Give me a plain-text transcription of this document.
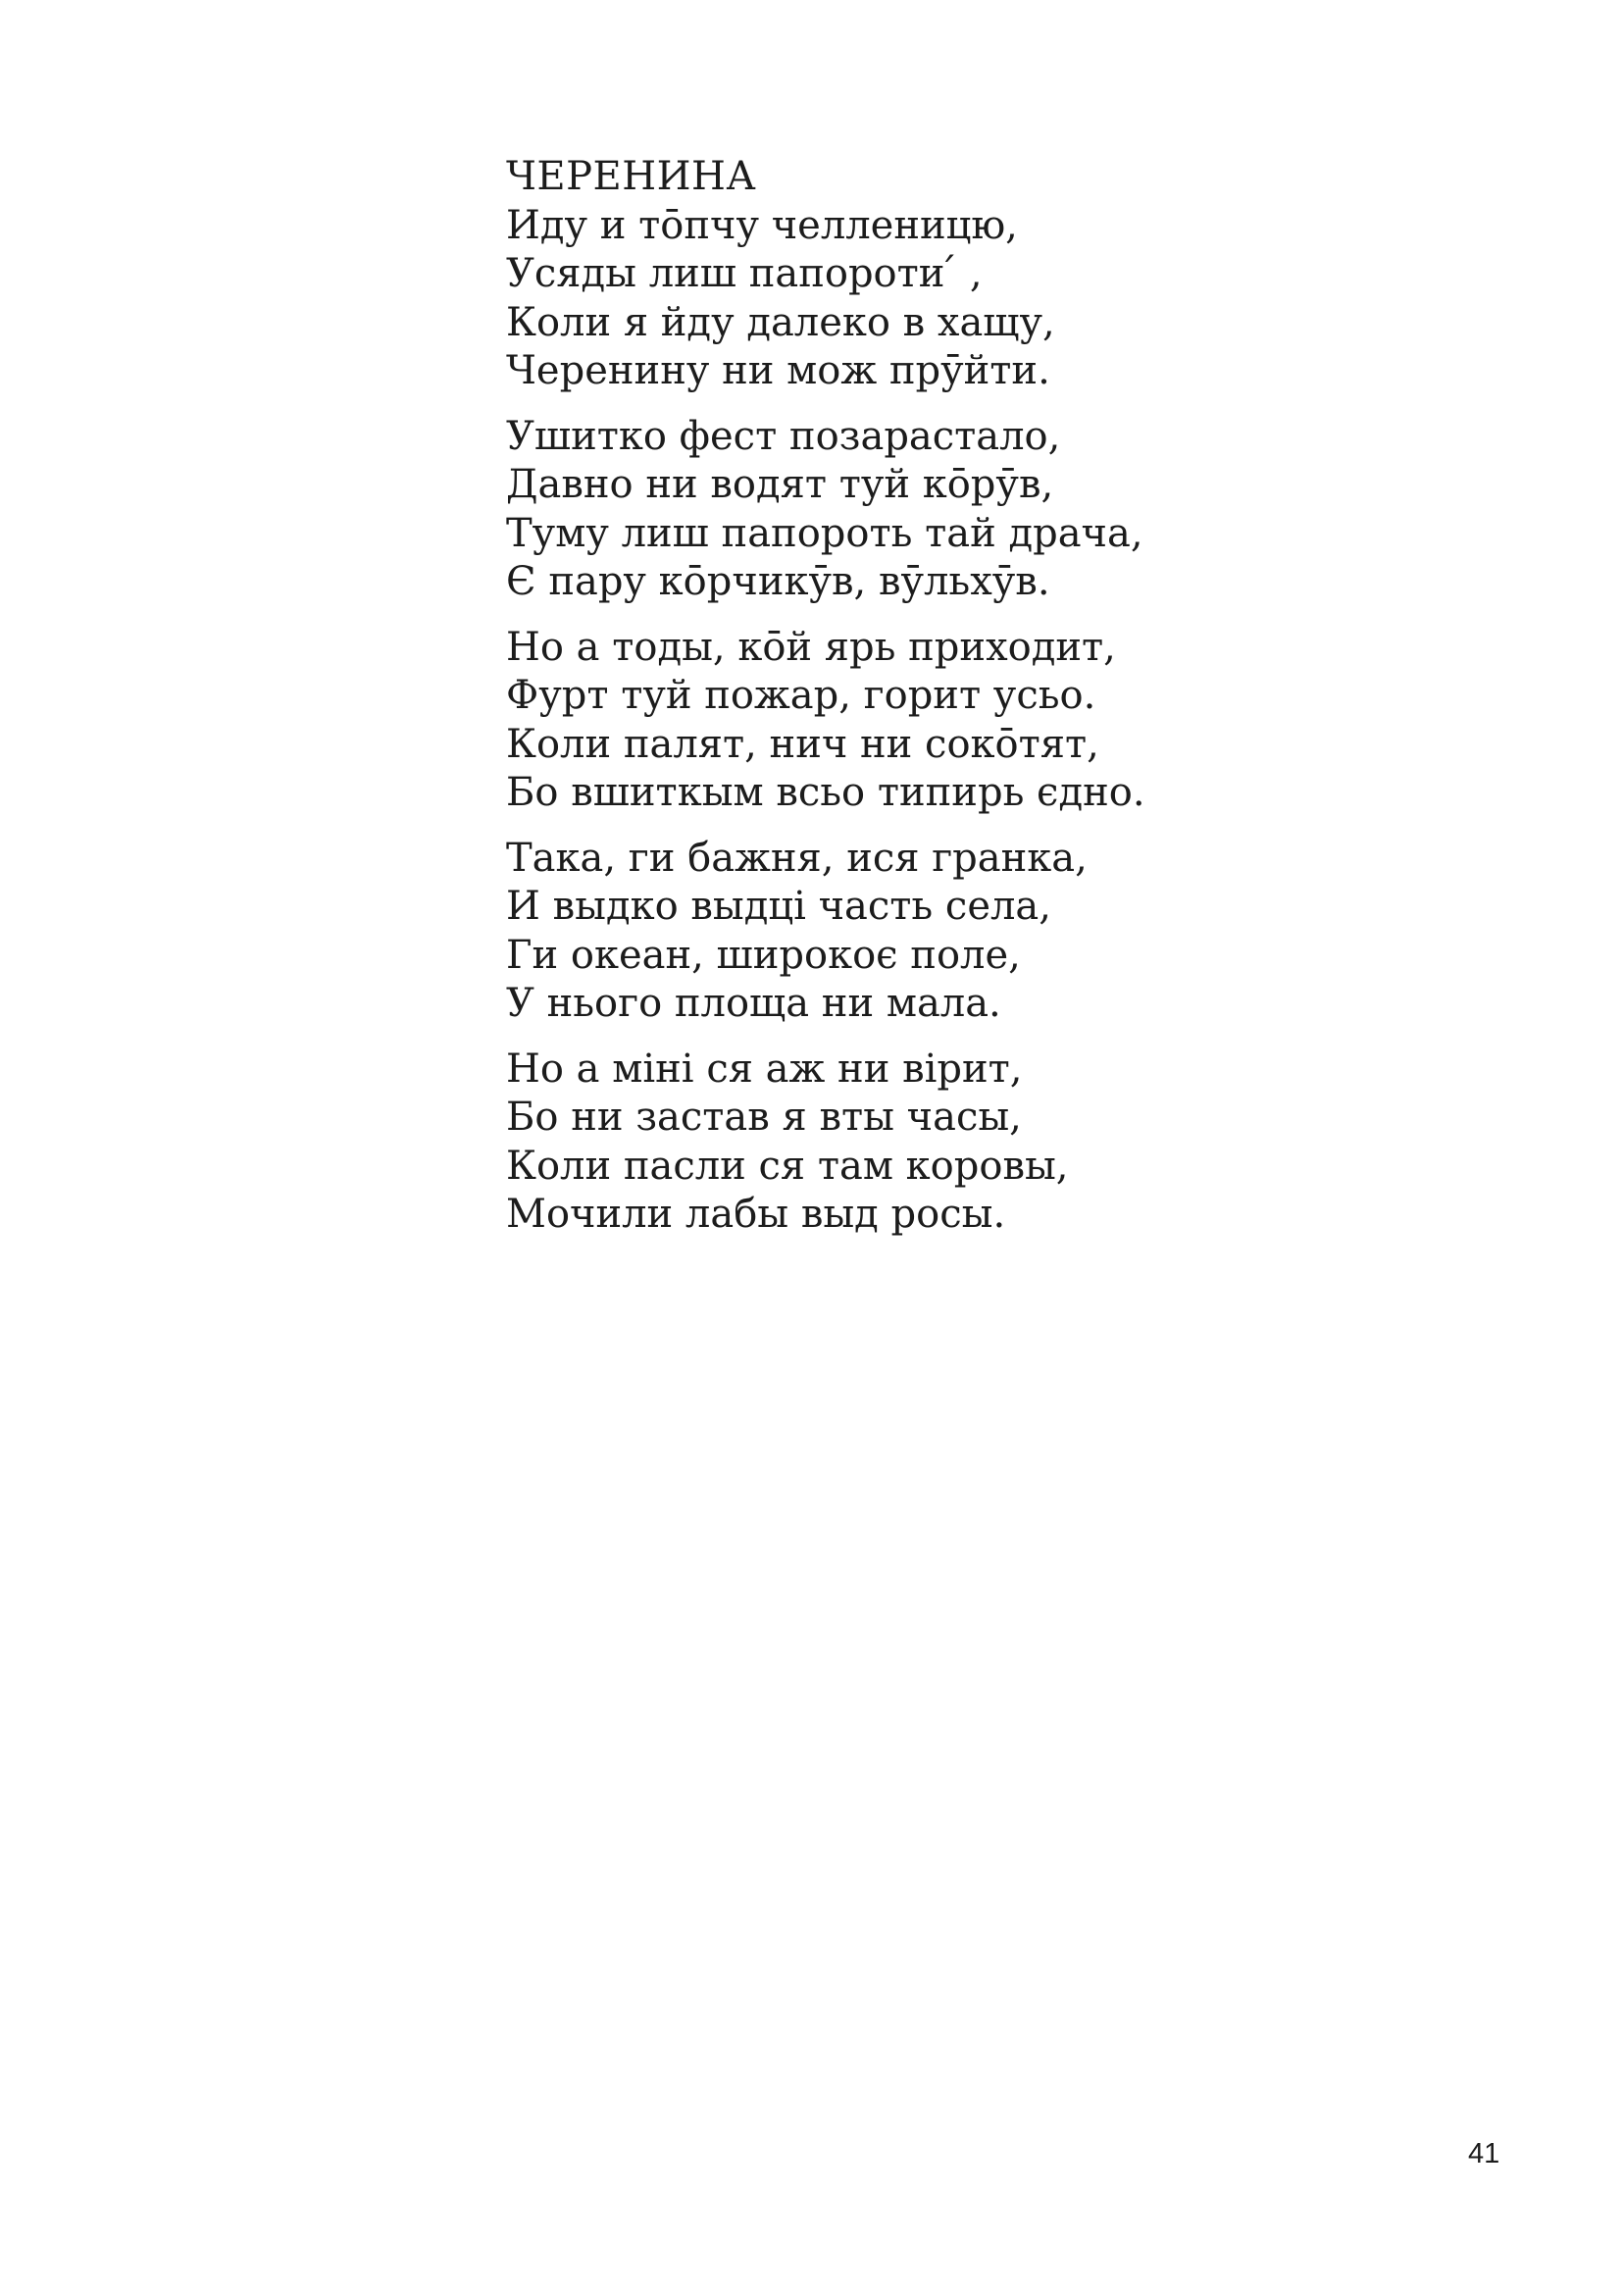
ЧЕРЕНИНА
Иду и тōпчу челленицю,
Усяды лиш папороти ́ ,
Коли я йду далеко в хащу,
Черенину ни мож прӯйти.
Ушитко фест позарастало,
Давно ни водят туй кōрӯв,
Туму лиш папороть тай драча,
Є пару кōрчикӯв, вӯльхӯв.
Но а тоды, кōй ярь приходит,
Фурт туй пожар, горит усьо.
Коли палят, нич ни сокōтят,
Бо вшиткым всьо типирь єдно.
Така, ги бажня, ися гранка,
И выдко выдці часть села,
Ги океан, широкоє поле,
У нього площа ни мала.
Но а міні ся аж ни вірит,
Бо ни застав я вты часы,
Коли пасли ся там коровы,
Мочили лабы выд росы.
41
